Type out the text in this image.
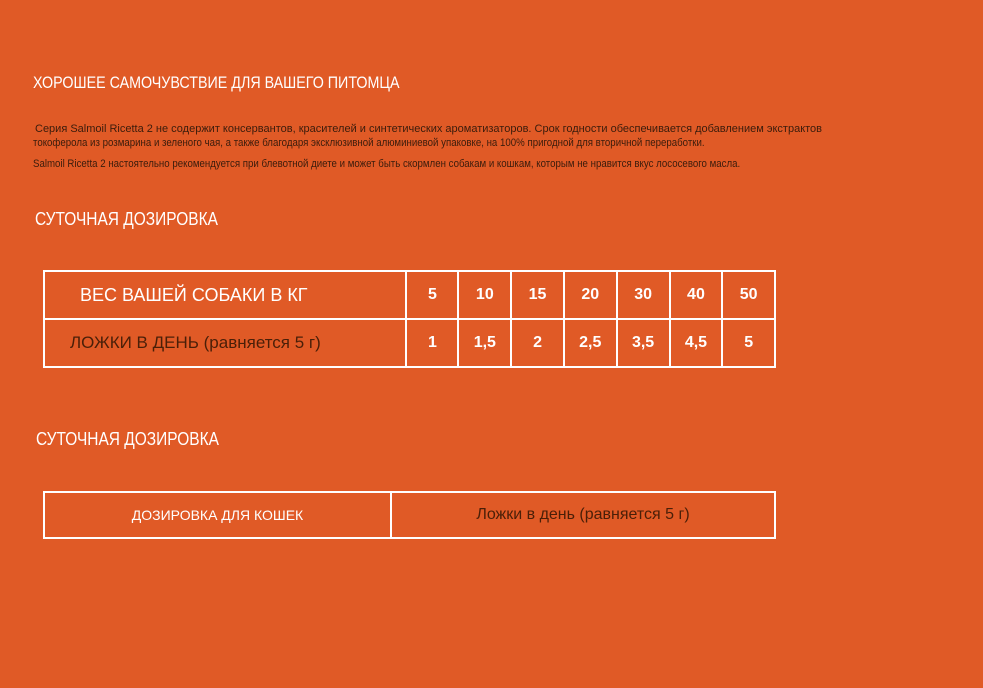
ХОРОШЕЕ САМОЧУВСТВИЕ ДЛЯ ВАШЕГО ПИТОМЦА

Серия Salmoil Ricetta 2 не содержит консервантов, красителей и синтетических ароматизаторов. Срок годности обеспечивается добавлением экстрактов

токоферола из розмарина и зеленого чая, а также благодаря эксклюзивной алюминиевой упаковке, на 100% пригодной для вторичной переработки.

Salmoil Ricetta 2 настоятельно рекомендуется при блевотной диете и может быть скормлен собакам и кошкам, которым не нравится вкус лососевого масла.

СУТОЧНАЯ ДОЗИРОВКА
ВЕС ВАШЕЙ СОБАКИ В КГ	5	10	15	20	30	40	50
ЛОЖКИ В ДЕНЬ (равняется 5 г)	1	1,5	2	2,5	3,5	4,5	5
СУТОЧНАЯ ДОЗИРОВКА
ДОЗИРОВКА ДЛЯ КОШЕК	Ложки в день (равняется 5 г)
